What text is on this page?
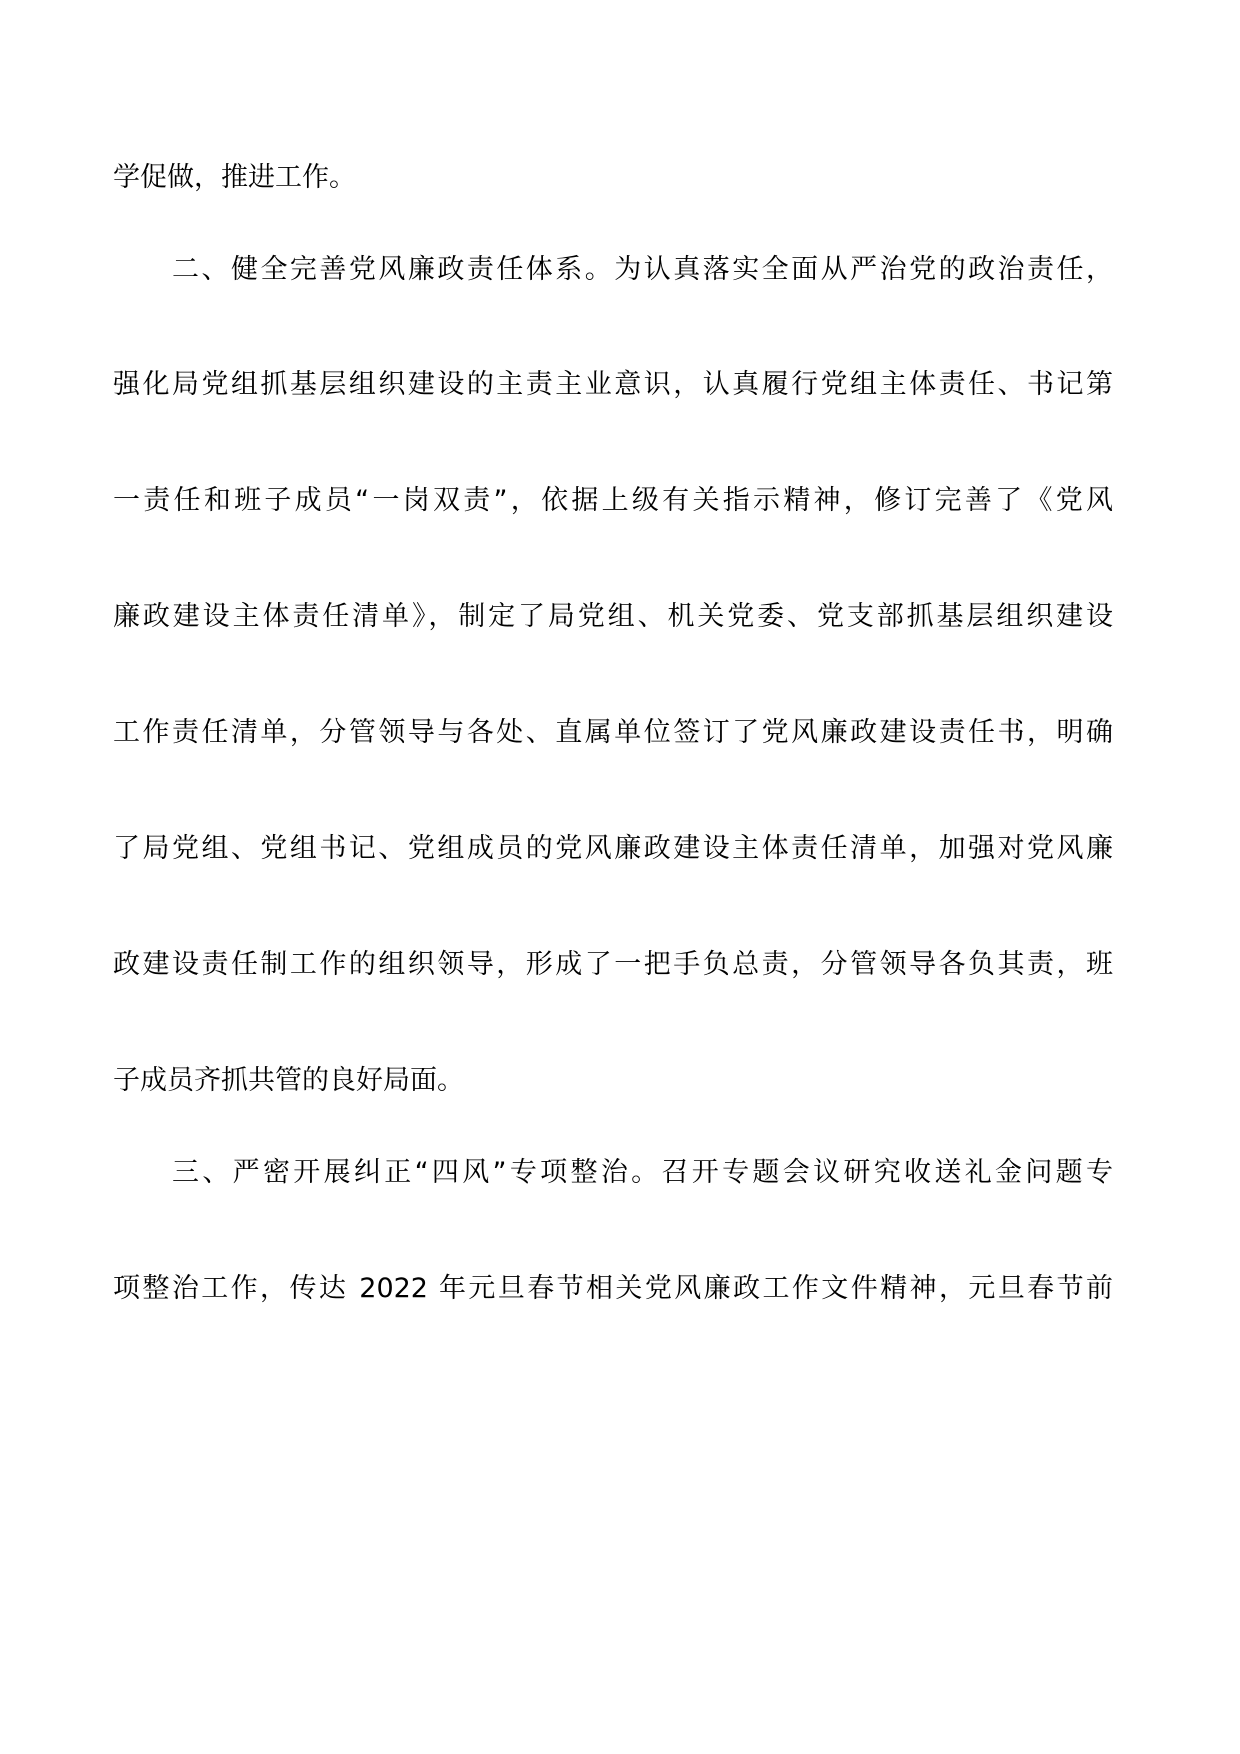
学促做，推进工作。
二、健全完善党风廉政责任体系。为认真落实全面从严治党的政治责任，
强化局党组抓基层组织建设的主责主业意识，认真履行党组主体责任、书记第
一责任和班子成员“一岗双责”，依据上级有关指示精神，修订完善了《党风
廉政建设主体责任清单》，制定了局党组、机关党委、党支部抓基层组织建设
工作责任清单，分管领导与各处、直属单位签订了党风廉政建设责任书，明确
了局党组、党组书记、党组成员的党风廉政建设主体责任清单，加强对党风廉
政建设责任制工作的组织领导，形成了一把手负总责，分管领导各负其责，班
子成员齐抓共管的良好局面。
三、严密开展纠正“四风”专项整治。召开专题会议研究收送礼金问题专
项整治工作，传达 2022 年元旦春节相关党风廉政工作文件精神，元旦春节前
